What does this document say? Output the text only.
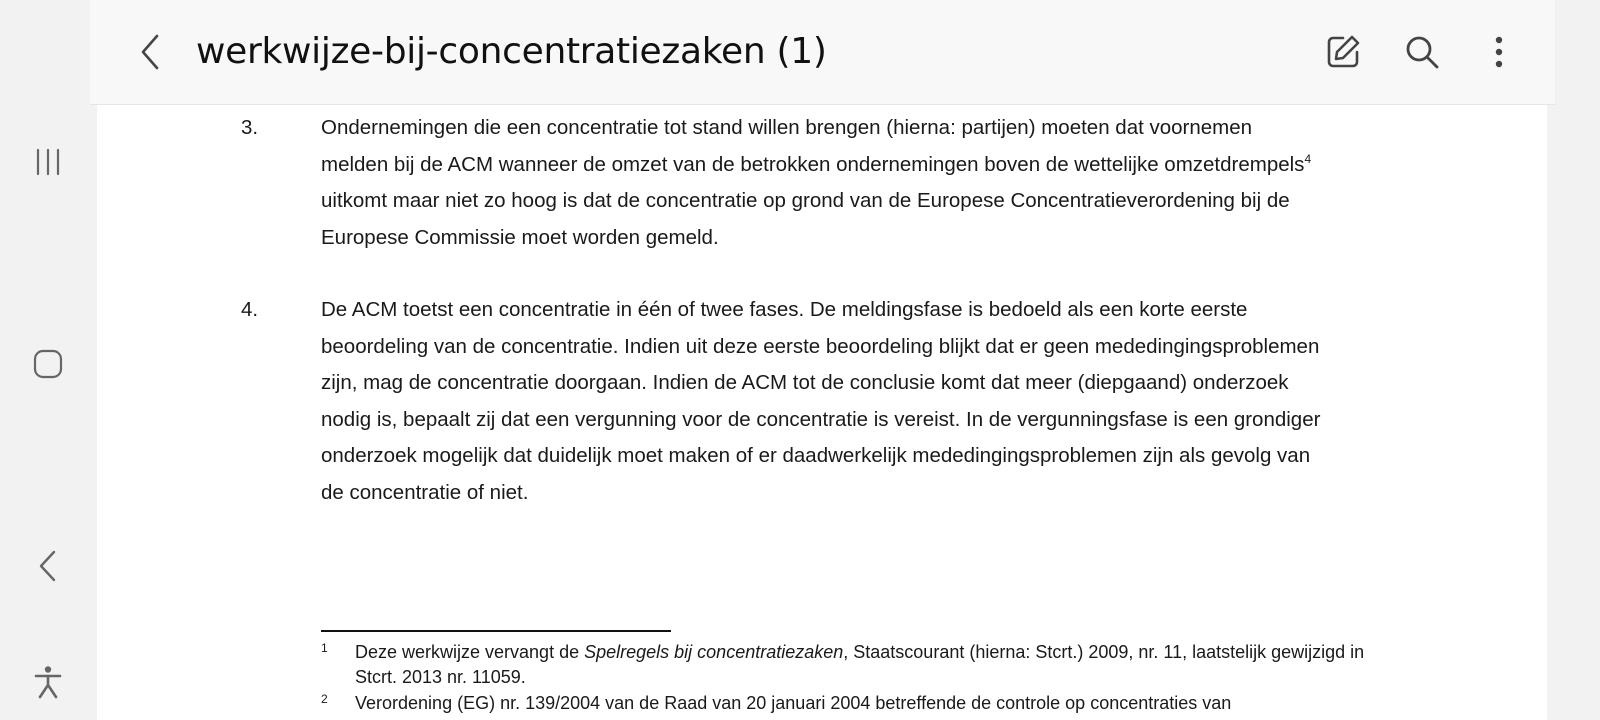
3.	Ondernemingen die een concentratie tot stand willen brengen (hierna: partijen) moeten dat voornemen melden bij de ACM wanneer de omzet van de betrokken ondernemingen boven de wettelijke omzetdrempels$^4$ uitkomt maar niet zo hoog is dat de concentratie op grond van de Europese Concentratieverordening bij de Europese Commissie moet worden gemeld.
4.	De ACM toetst een concentratie in één of twee fases. De meldingsfase is bedoeld als een korte eerste beoordeling van de concentratie. Indien uit deze eerste beoordeling blijkt dat er geen mededingingsproblemen zijn, mag de concentratie doorgaan. Indien de ACM tot de conclusie komt dat meer (diepgaand) onderzoek nodig is, bepaalt zij dat een vergunning voor de concentratie is vereist. In de vergunningsfase is een grondiger onderzoek mogelijk dat duidelijk moet maken of er daadwerkelijk mededingingsproblemen zijn als gevolg van de concentratie of niet.
1 Deze werkwijze vervangt de Spelregels bij concentratiezaken, Staatscourant (hierna: Stcrt.) 2009, nr. 11, laatstelijk gewijzigd in Stcrt. 2013 nr. 11059.
2 Verordening (EG) nr. 139/2004 van de Raad van 20 januari 2004 betreffende de controle op concentraties van
werkwijze-bij-concentratiezaken (1)
